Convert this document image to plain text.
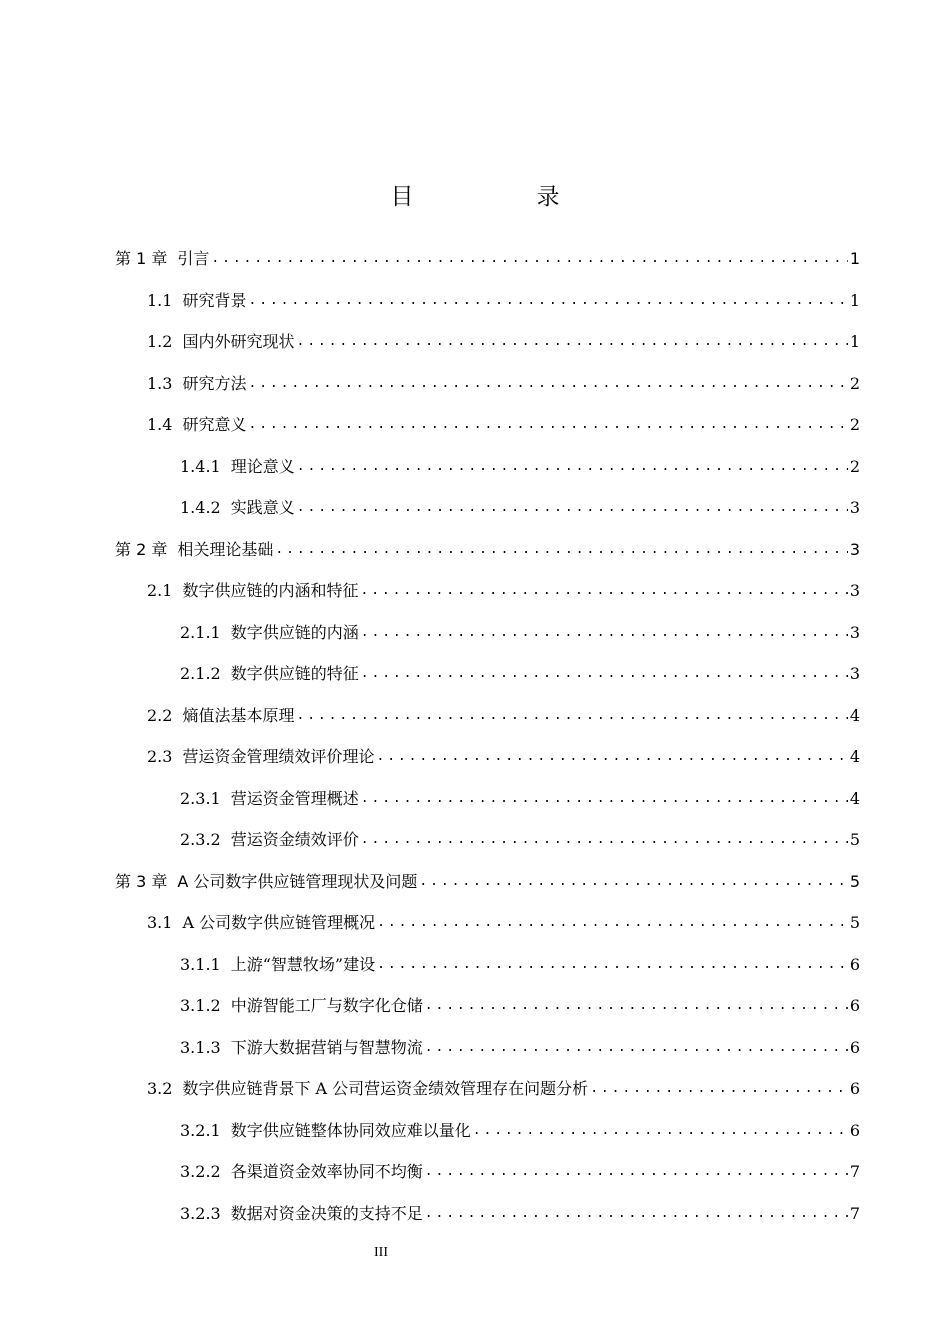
目　录
第 1 章 引言 .....	1
1.1 研究背景 .....	1
1.2 国内外研究现状 .....	1
1.3 研究方法 .....	2
1.4 研究意义 .....	2
1.4.1 理论意义 .....	2
1.4.2 实践意义 .....	3
第 2 章 相关理论基础 .....	3
2.1 数字供应链的内涵和特征 .....	3
2.1.1 数字供应链的内涵 .....	3
2.1.2 数字供应链的特征 .....	3
2.2 熵值法基本原理 .....	4
2.3 营运资金管理绩效评价理论 .....	4
2.3.1 营运资金管理概述 .....	4
2.3.2 营运资金绩效评价 .....	5
第 3 章 A 公司数字供应链管理现状及问题 .....	5
3.1 A 公司数字供应链管理概况 .....	5
3.1.1 上游“智慧牧场”建设 .....	6
3.1.2 中游智能工厂与数字化仓储 .....	6
3.1.3 下游大数据营销与智慧物流 .....	6
3.2 数字供应链背景下 A 公司营运资金绩效管理存在问题分析 .....	6
3.2.1 数字供应链整体协同效应难以量化 .....	6
3.2.2 各渠道资金效率协同不均衡 .....	7
3.2.3 数据对资金决策的支持不足 .....	7
III
